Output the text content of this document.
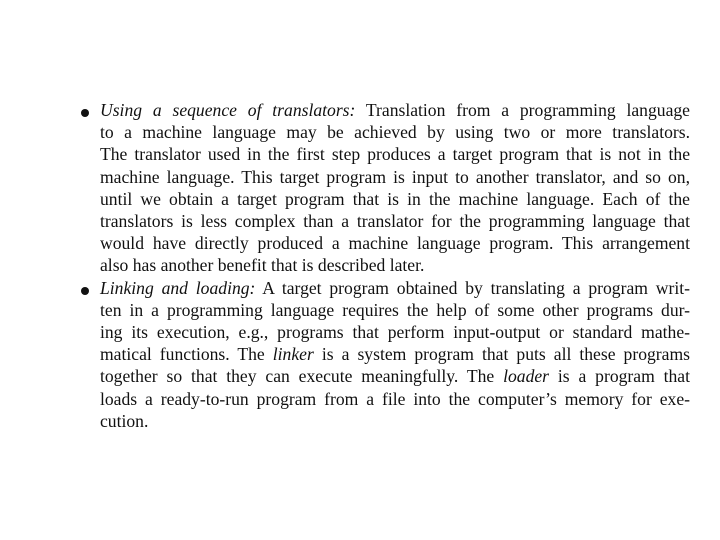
Using a sequence of translators: Translation from a programming language
to a machine language may be achieved by using two or more translators.
The translator used in the first step produces a target program that is not in the
machine language. This target program is input to another translator, and so on,
until we obtain a target program that is in the machine language. Each of the
translators is less complex than a translator for the programming language that
would have directly produced a machine language program. This arrangement
also has another benefit that is described later.
Linking and loading: A target program obtained by translating a program writ-
ten in a programming language requires the help of some other programs dur-
ing its execution, e.g., programs that perform input-output or standard mathe-
matical functions. The linker is a system program that puts all these programs
together so that they can execute meaningfully. The loader is a program that
loads a ready-to-run program from a file into the computer’s memory for exe-
cution.
